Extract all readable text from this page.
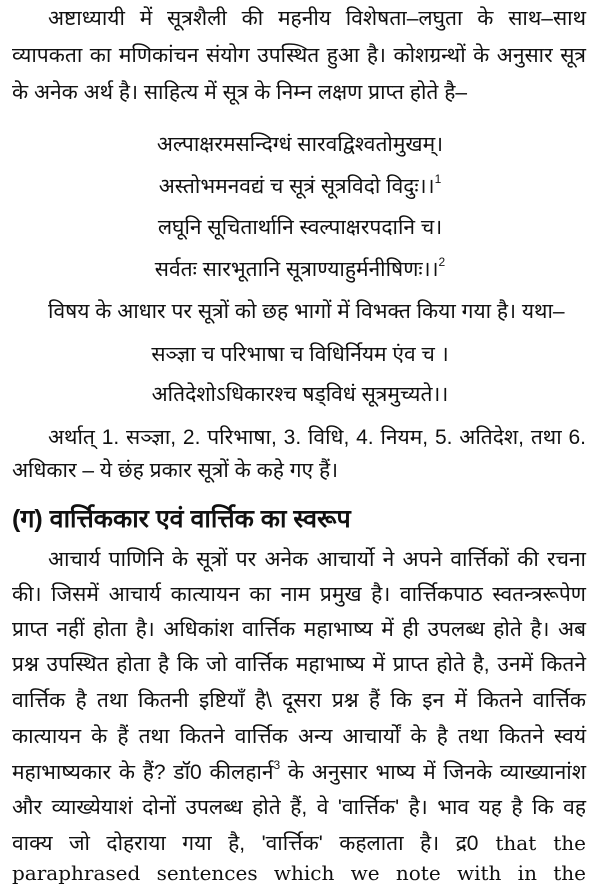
अष्टाध्यायी में सूत्रशैली की महनीय विशेषता–लघुता के साथ–साथ
व्यापकता का मणिकांचन संयोग उपस्थित हुआ है। कोशग्रन्थों के अनुसार सूत्र
के अनेक अर्थ है। साहित्य में सूत्र के निम्न लक्षण प्राप्त होते है–
अल्पाक्षरमसन्दिग्धं सारवद्विश्वतोमुखम्।
अस्तोभमनवद्यं च सूत्रं सूत्रविदो विदुः।।$^1$
लघूनि सूचितार्थानि स्वल्पाक्षरपदानि च।
सर्वतः सारभूतानि सूत्राण्याहुर्मनीषिणः।।$^2$
विषय के आधार पर सूत्रों को छह भागों में विभक्त किया गया है। यथा–
सञ्ज्ञा च परिभाषा च विधिर्नियम एंव च ।
अतिदेशोऽधिकारश्च षड्विधं सूत्रमुच्यते।।
अर्थात् 1. सञ्ज्ञा, 2. परिभाषा, 3. विधि, 4. नियम, 5. अतिदेश, तथा 6.
अधिकार – ये छंह प्रकार सूत्रों के कहे गए हैं।
(ग) वार्त्तिककार एवं वार्त्तिक का स्वरूप
आचार्य पाणिनि के सूत्रों पर अनेक आचार्यो ने अपने वार्त्तिकों की रचना
की। जिसमें आचार्य कात्यायन का नाम प्रमुख है। वार्त्तिकपाठ स्वतन्त्ररूपेण
प्राप्त नहीं होता है। अधिकांश वार्त्तिक महाभाष्य में ही उपलब्ध होते है। अब
प्रश्न उपस्थित होता है कि जो वार्त्तिक महाभाष्य में प्राप्त होते है, उनमें कितने
वार्त्तिक है तथा कितनी इष्टियाँ है\ दूसरा प्रश्न हैं कि इन में कितने वार्त्तिक
कात्यायन के हैं तथा कितने वार्त्तिक अन्य आचार्यों के है तथा कितने स्वयं
महाभाष्यकार के हैं? डॉ0 कीलहार्न$^3$ के अनुसार भाष्य में जिनके व्याख्यानांश
और व्याख्येयाशं दोनों उपलब्ध होते हैं, वे 'वार्त्तिक' है। भाव यह है कि वह
वाक्य जो दोहराया गया है, 'वार्त्तिक' कहलाता है। द्र0 that the
paraphrased sentences which we note with in the
